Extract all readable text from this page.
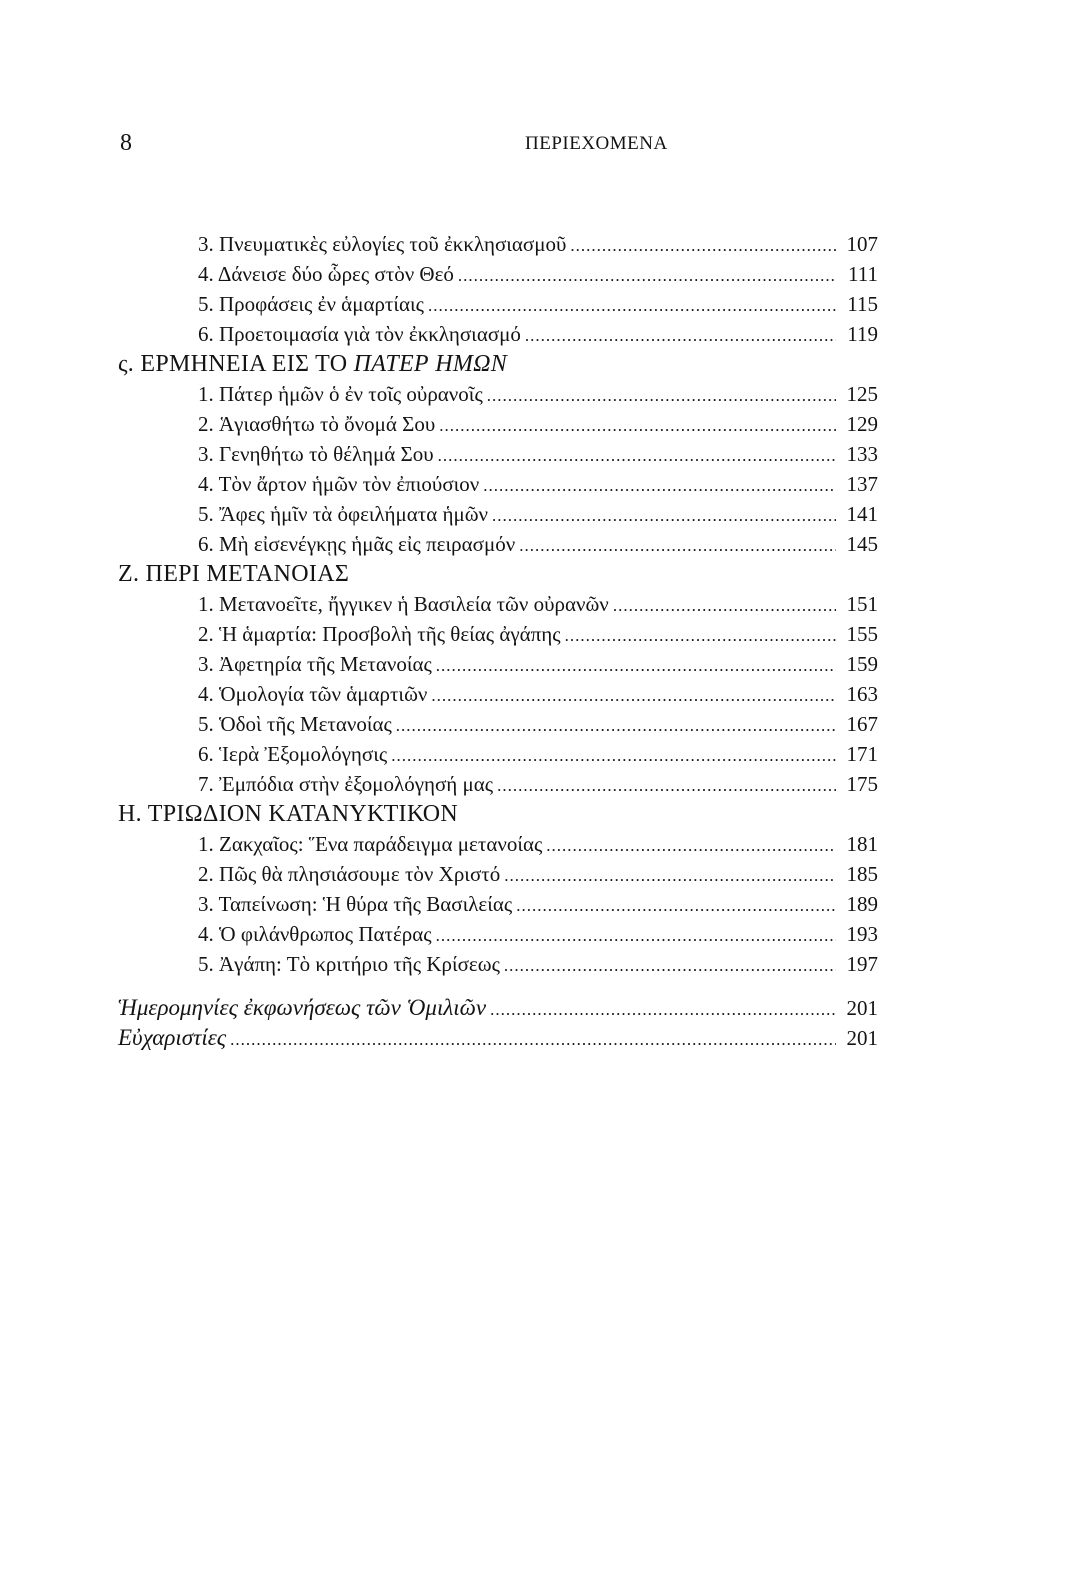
8	ΠΕΡΙΕΧΟΜΕΝΑ
3. Πνευματικὲς εὐλογίες τοῦ ἐκκλησιασμοῦ .....	107
4. Δάνεισε δύο ὧρες στὸν Θεό .....	111
5. Προφάσεις ἐν ἁμαρτίαις .....	115
6. Προετοιμασία γιὰ τὸν ἐκκλησιασμό .....	119
ς. ΕΡΜΗΝΕΙΑ ΕΙΣ ΤΟ ΠΑΤΕΡ ΗΜΩΝ
1. Πάτερ ἡμῶν ὁ ἐν τοῖς οὐρανοῖς .....	125
2. Ἁγιασθήτω τὸ ὄνομά Σου .....	129
3. Γενηθήτω τὸ θέλημά Σου .....	133
4. Τὸν ἄρτον ἡμῶν τὸν ἐπιούσιον .....	137
5. Ἄφες ἡμῖν τὰ ὀφειλήματα ἡμῶν .....	141
6. Μὴ εἰσενέγκῃς ἡμᾶς εἰς πειρασμόν .....	145
Ζ. ΠΕΡΙ ΜΕΤΑΝΟΙΑΣ
1. Μετανοεῖτε, ἤγγικεν ἡ Βασιλεία τῶν οὐρανῶν .....	151
2. Ἡ ἁμαρτία: Προσβολὴ τῆς θείας ἀγάπης .....	155
3. Ἀφετηρία τῆς Μετανοίας .....	159
4. Ὁμολογία τῶν ἁμαρτιῶν .....	163
5. Ὁδοὶ τῆς Μετανοίας .....	167
6. Ἱερὰ Ἐξομολόγησις .....	171
7. Ἐμπόδια στὴν ἐξομολόγησή μας .....	175
Η. ΤΡΙΩΔΙΟΝ ΚΑΤΑΝΥΚΤΙΚΟΝ
1. Ζακχαῖος: Ἕνα παράδειγμα μετανοίας .....	181
2. Πῶς θὰ πλησιάσουμε τὸν Χριστό .....	185
3. Ταπείνωση: Ἡ θύρα τῆς Βασιλείας .....	189
4. Ὁ φιλάνθρωπος Πατέρας .....	193
5. Ἀγάπη: Τὸ κριτήριο τῆς Κρίσεως .....	197
Ἡμερομηνίες ἐκφωνήσεως τῶν Ὁμιλιῶν .....	201
Εὐχαριστίες .....	201
